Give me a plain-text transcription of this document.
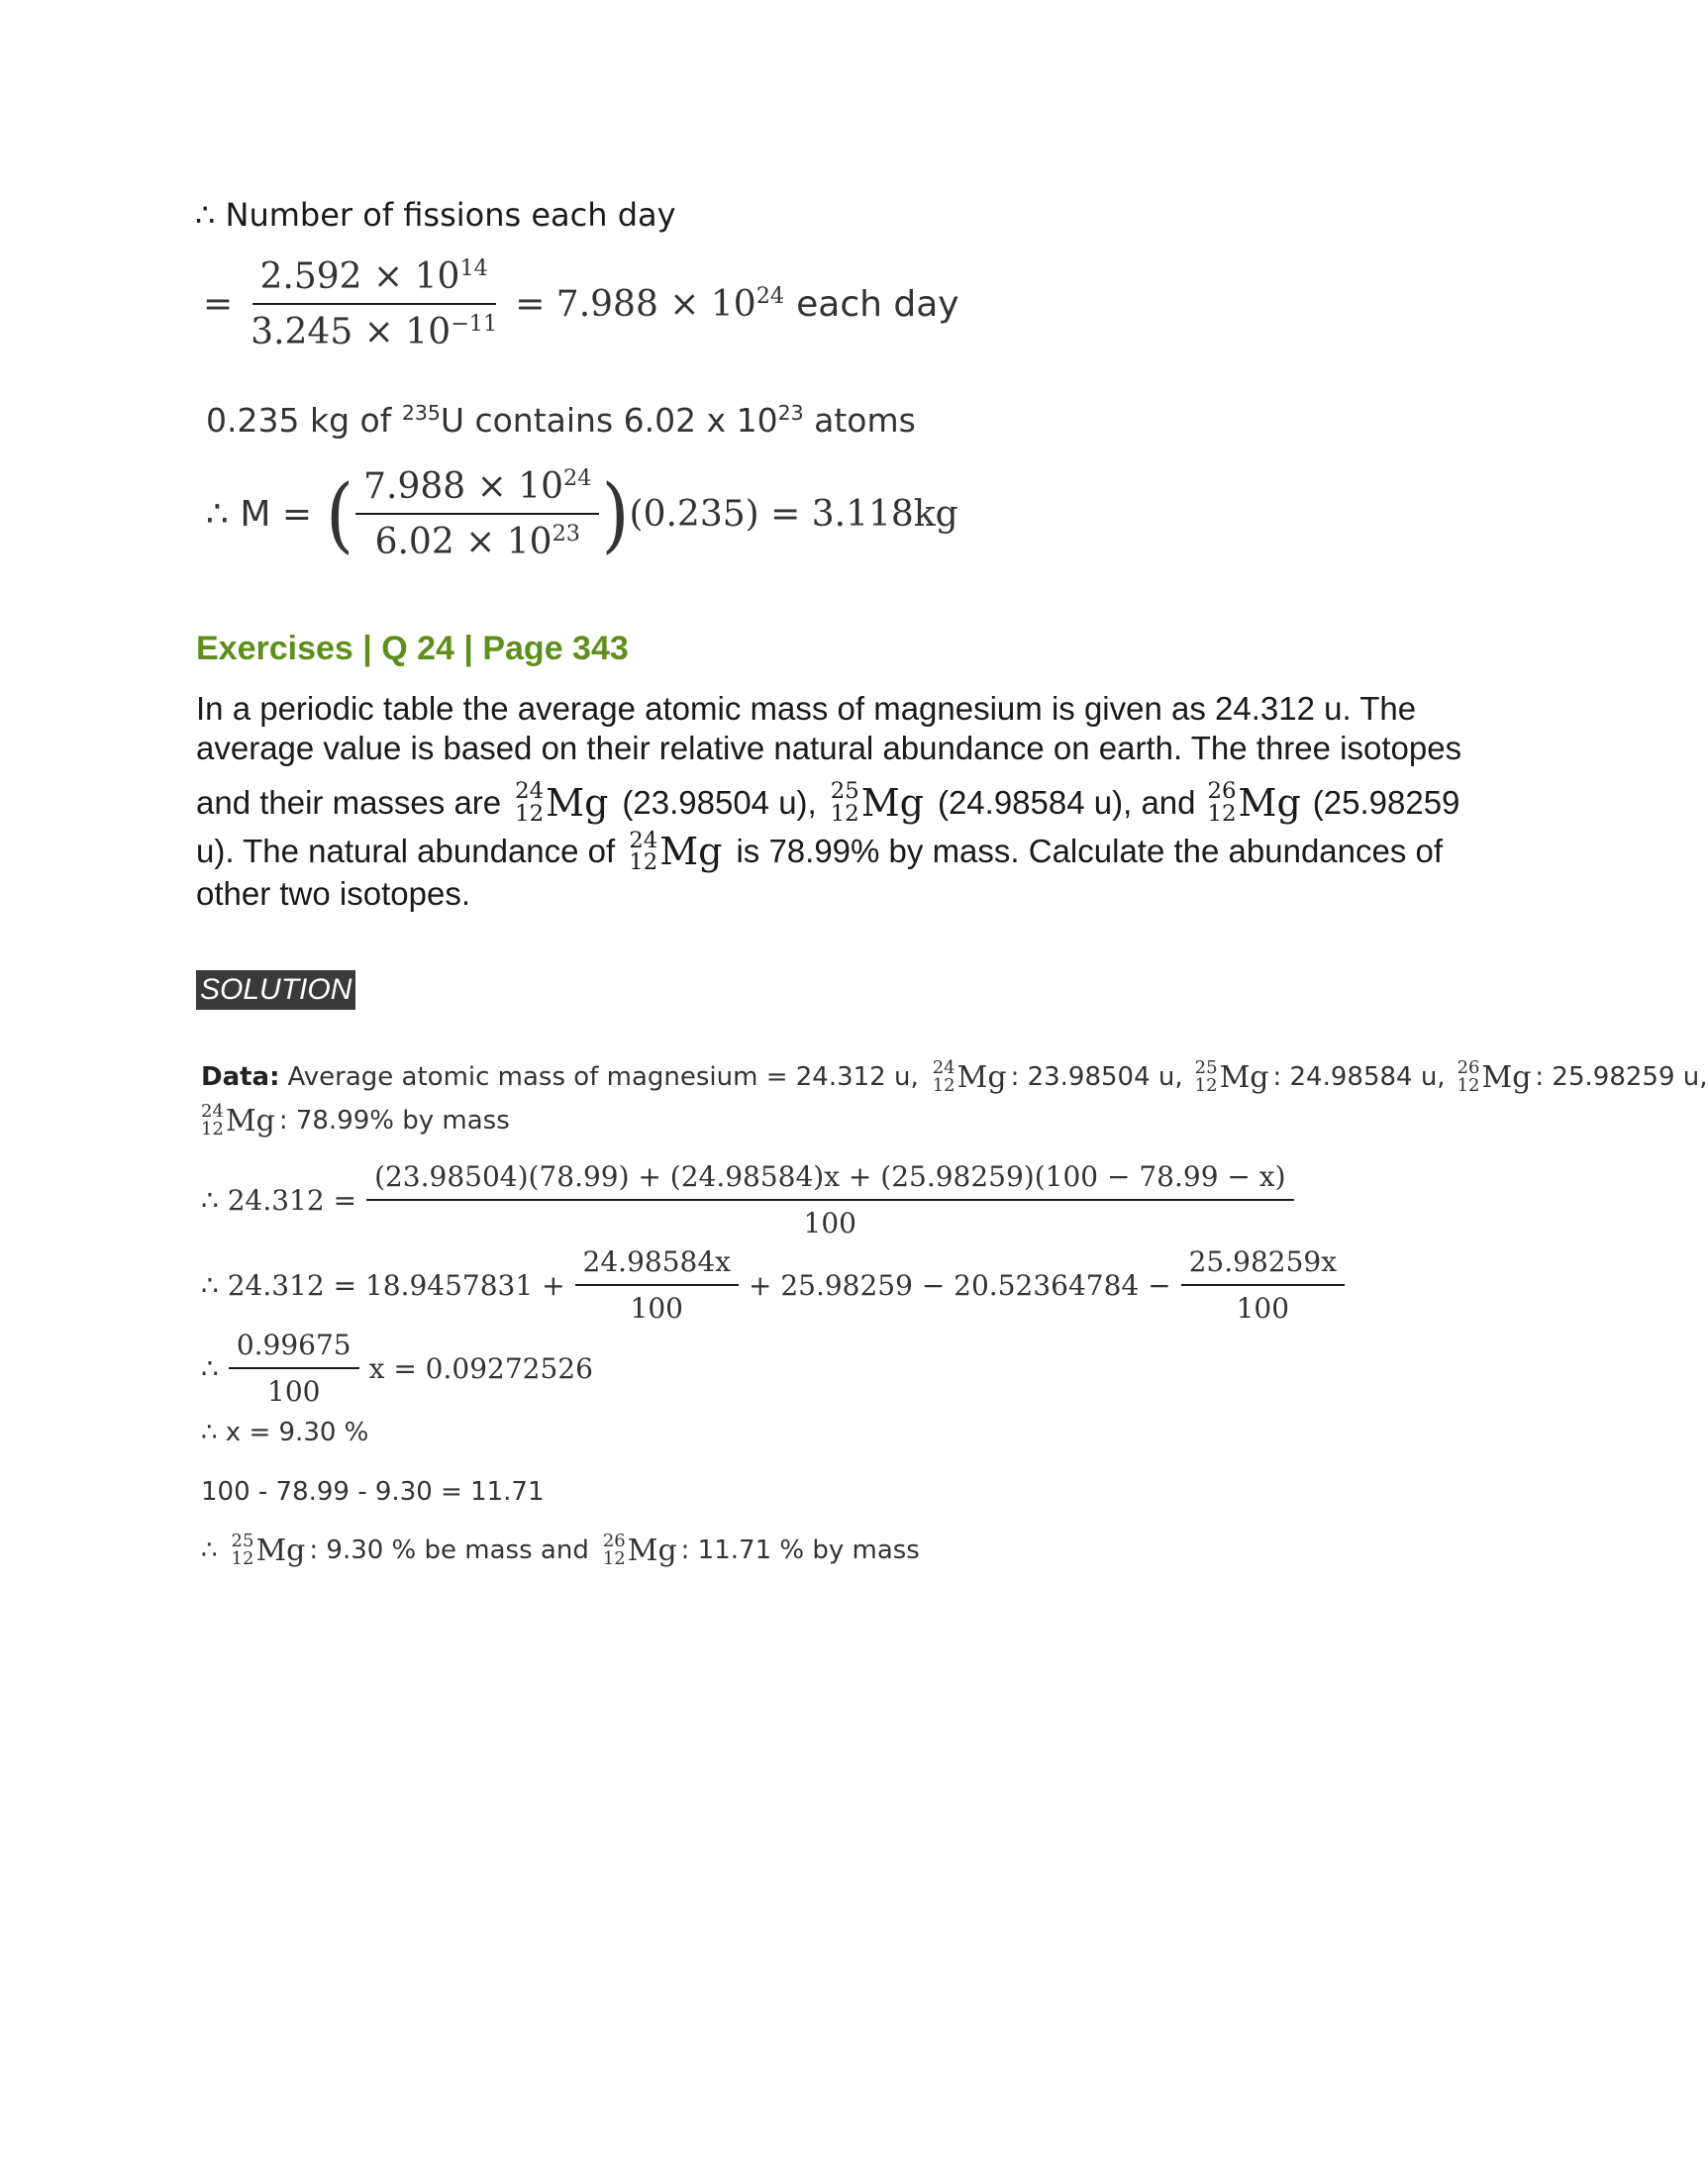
∴ Number of fissions each day
= $\frac{2.592 \times 10^{14}}{3.245 \times 10^{-11}} = 7.988 \times 10^{24}$ each day
0.235 kg of $^{235}$U contains 6.02 x $10^{23}$ atoms
∴ M = ( $\frac{7.988 \times 10^{24}}{6.02 \times 10^{23}}$ ) (0.235) = 3.118kg
Exercises | Q 24 | Page 343
In a periodic table the average atomic mass of magnesium is given as 24.312 u. The
average value is based on their relative natural abundance on earth. The three isotopes
and their masses are 24
12 Mg (23.98504 u), 25
12 Mg (24.98584 u), and 26
12 Mg (25.98259
u). The natural abundance of 24
12 Mg is 78.99% by mass. Calculate the abundances of
other two isotopes.
SOLUTION
Data: Average atomic mass of magnesium = 24.312 u, 24
12 Mg : 23.98504 u, 25
12 Mg : 24.98584 u, 26
12 Mg : 25.98259 u,
24
12 Mg : 78.99% by mass
∴ 24.312 =
(23.98504)(78.99) + (24.98584)x + (25.98259)(100 − 78.99 − x)
100
∴ $24.312 = 18.9457831 + \frac{24.98584x}{100} + 25.98259 - 20.52364784 - \frac{25.98259x}{100}$
∴ $\frac{0.99675}{100}$ x = 0.09272526
∴ x = 9.30 %
100 - 78.99 - 9.30 = 11.71
∴ 25
12 Mg : 9.30 % be mass and 26
12 Mg : 11.71 % by mass
